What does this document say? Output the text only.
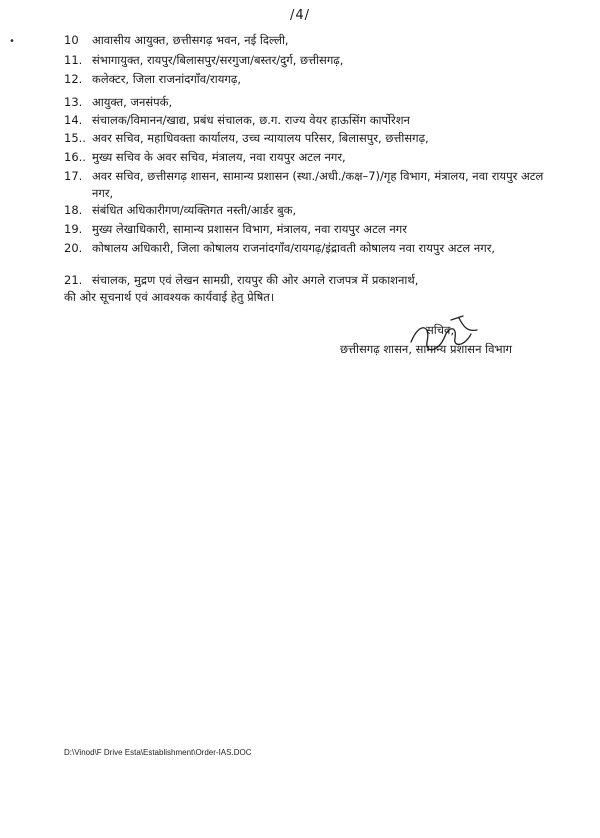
/4/
•	10	आवासीय आयुक्त, छत्तीसगढ़ भवन, नई दिल्ली,
11. संभागायुक्त, रायपुर/बिलासपुर/सरगुजा/बस्तर/दुर्ग, छत्तीसगढ़,
12. कलेक्टर, जिला राजनांदगाँव/रायगढ़,
13. आयुक्त, जनसंपर्क,
14. संचालक/विमानन/खाद्य, प्रबंध संचालक, छ.ग. राज्य वेयर हाऊसिंग कार्पोरेशन
15.. अवर सचिव, महाधिवक्ता कार्यालय, उच्च न्यायालय परिसर, बिलासपुर, छत्तीसगढ़,
16.. मुख्य सचिव के अवर सचिव, मंत्रालय, नवा रायपुर अटल नगर,
17. अवर सचिव, छत्तीसगढ़ शासन, सामान्य प्रशासन (स्था./अधी./कक्ष–7)/गृह विभाग, मंत्रालय, नवा रायपुर अटल नगर,
18. संबंधित अधिकारीगण/व्यक्तिगत नस्ती/आर्डर बुक,
19. मुख्य लेखाधिकारी, सामान्य प्रशासन विभाग, मंत्रालय, नवा रायपुर अटल नगर
20. कोषालय अधिकारी, जिला कोषालय राजनांदगाँव/रायगढ़/इंद्रावती कोषालय नवा रायपुर अटल नगर,
21. संचालक, मुद्रण एवं लेखन सामग्री, रायपुर की ओर अगले राजपत्र में प्रकाशनार्थ,
की ओर सूचनार्थ एवं आवश्यक कार्यवाई हेतु प्रेषित।
सचिव,
छत्तीसगढ़ शासन, सामान्य प्रशासन विभाग
D:\Vinod\F Drive Esta\Establishment\Order-IAS.DOC
